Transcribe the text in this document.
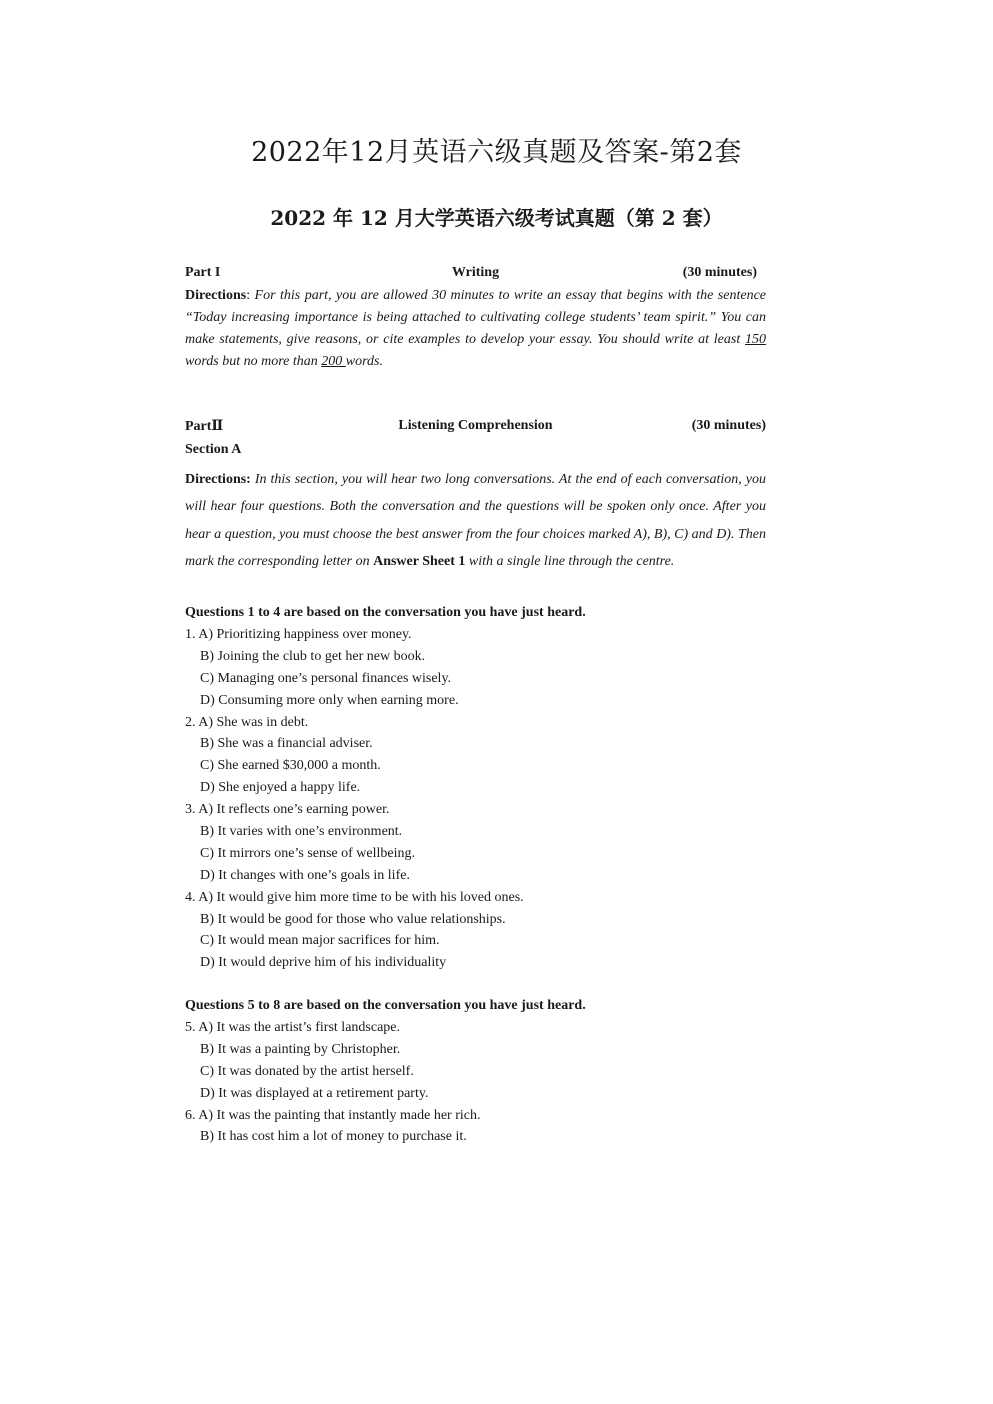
2022年12月英语六级真题及答案-第2套
2022 年 12 月大学英语六级考试真题（第 2 套）
Part I	Writing	(30 minutes)
Directions: For this part, you are allowed 30 minutes to write an essay that begins with the sentence “Today increasing importance is being attached to cultivating college students’ team spirit.” You can make statements, give reasons, or cite examples to develop your essay. You should write at least 150 words but no more than 200 words.
PartⅡ	Listening Comprehension	(30 minutes)
Section A
Directions: In this section, you will hear two long conversations. At the end of each conversation, you will hear four questions. Both the conversation and the questions will be spoken only once. After you hear a question, you must choose the best answer from the four choices marked A), B), C) and D). Then mark the corresponding letter on Answer Sheet 1 with a single line through the centre.
Questions 1 to 4 are based on the conversation you have just heard.
1. A) Prioritizing happiness over money.
B) Joining the club to get her new book.
C) Managing one’s personal finances wisely.
D) Consuming more only when earning more.
2. A) She was in debt.
B) She was a financial adviser.
C) She earned $30,000 a month.
D) She enjoyed a happy life.
3. A) It reflects one’s earning power.
B) It varies with one’s environment.
C) It mirrors one’s sense of wellbeing.
D) It changes with one’s goals in life.
4. A) It would give him more time to be with his loved ones.
B) It would be good for those who value relationships.
C) It would mean major sacrifices for him.
D) It would deprive him of his individuality
Questions 5 to 8 are based on the conversation you have just heard.
5. A) It was the artist’s first landscape.
B) It was a painting by Christopher.
C) It was donated by the artist herself.
D) It was displayed at a retirement party.
6. A) It was the painting that instantly made her rich.
B) It has cost him a lot of money to purchase it.
